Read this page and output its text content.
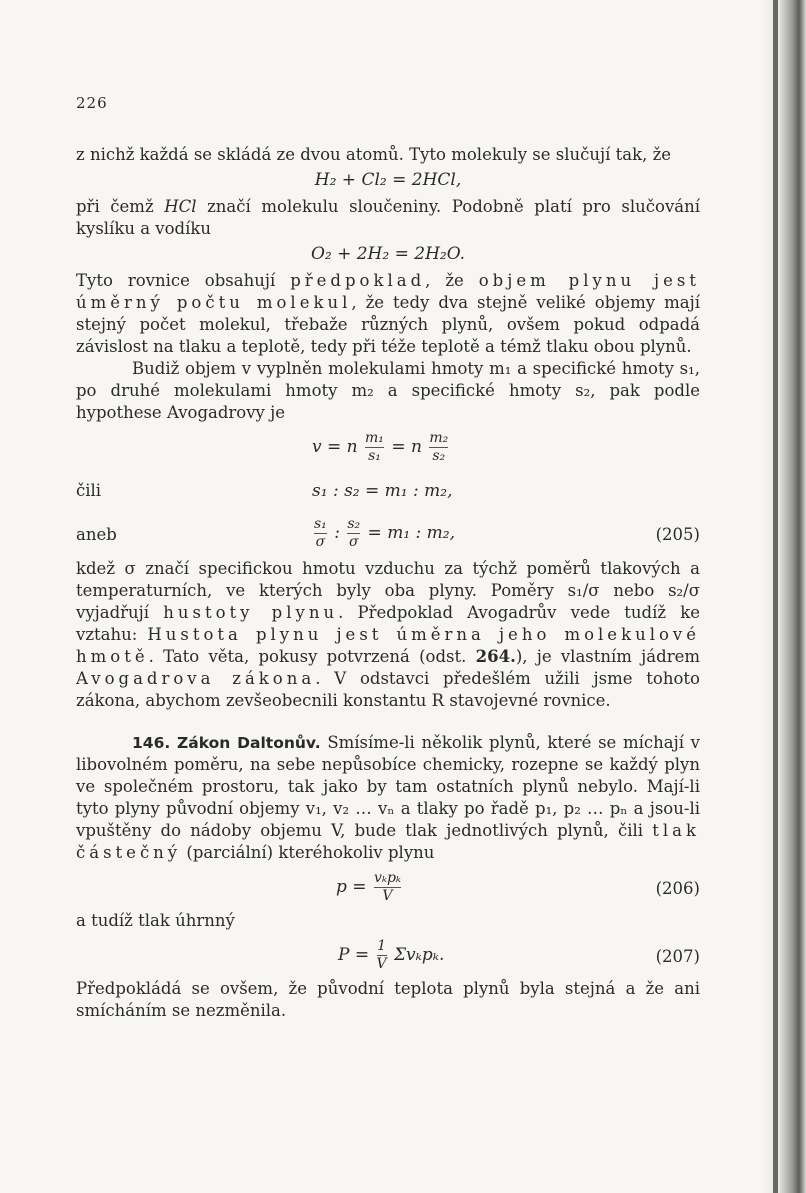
226

z nichž každá se skládá ze dvou atomů. Tyto molekuly se slučují tak, že

H₂ + Cl₂ = 2HCl,

při čemž HCl značí molekulu sloučeniny. Podobně platí pro slučování kyslíku a vodíku

O₂ + 2H₂ = 2H₂O.

Tyto rovnice obsahují předpoklad, že objem plynu jest úměrný počtu molekul, že tedy dva stejně veliké objemy mají stejný počet molekul, třebaže různých plynů, ovšem pokud odpadá závislost na tlaku a teplotě, tedy při téže teplotě a témž tlaku obou plynů.

Budiž objem v vyplněn molekulami hmoty m₁ a specifické hmoty s₁, po druhé molekulami hmoty m₂ a specifické hmoty s₂, pak podle hypothese Avogadrovy je

v = n $\frac{\text{m₁}}{\text{s₁}} = n \frac{\text{m₂}}{\text{s₂}}$
čili	s₁ : s₂ = m₁ : m₂,
aneb	$\frac{\text{s₁}}{\sigma}$ : $\frac{\text{s₂}}{\sigma} = m_1$ : m₂,	(205)

kdež σ značí specifickou hmotu vzduchu za týchž poměrů tlakových a temperaturních, ve kterých byly oba plyny. Poměry s₁/σ nebo s₂/σ vyjadřují hustoty plynu. Předpoklad Avogadrův vede tudíž ke vztahu: Hustota plynu jest úměrna jeho molekulové hmotě. Tato věta, pokusy potvrzená (odst. 264.), je vlastním jádrem Avogadrova zákona. V odstavci předešlém užili jsme tohoto zákona, abychom zevšeobecnili konstantu R stavojevné rovnice.

146. Zákon Daltonův. Smísíme-li několik plynů, které se míchají v libovolném poměru, na sebe nepůsobíce chemicky, rozepne se každý plyn ve společném prostoru, tak jako by tam ostatních plynů nebylo. Mají-li tyto plyny původní objemy v₁, v₂ … vₙ a tlaky po řadě p₁, p₂ … pₙ a jsou-li vpuštěny do nádoby objemu V, bude tlak jednotlivých plynů, čili tlak částečný (parciální) kteréhokoliv plynu

$p = \frac{\text{vₖpₖ}}{V}$	(206)
a tudíž tlak úhrnný
$P = \frac{1}{V} \Sigma v_kp_k$.	(207)

Předpokládá se ovšem, že původní teplota plynů byla stejná a že ani smícháním se nezměnila.
